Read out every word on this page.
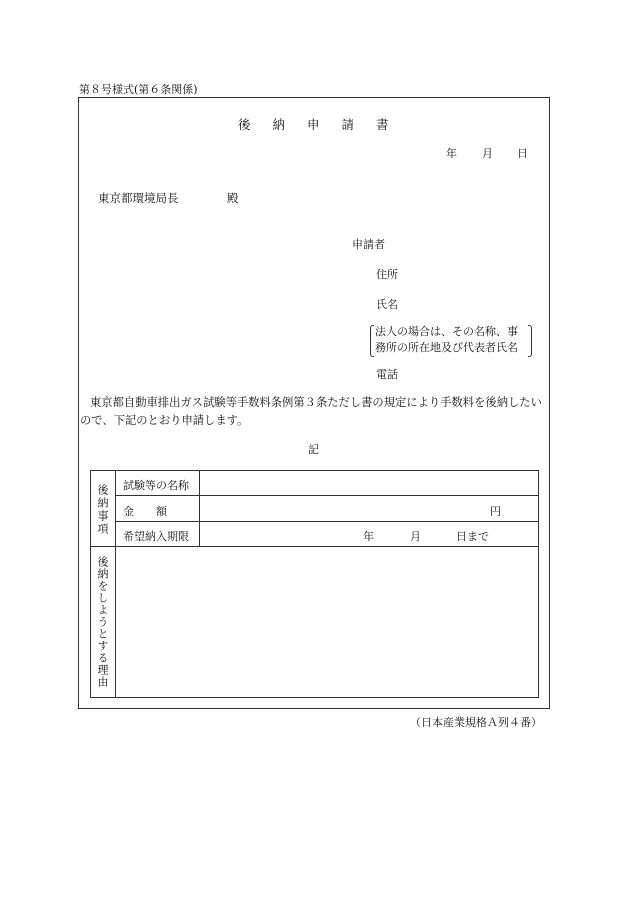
第８号様式(第６条関係)
後納申請書
年 月 日
東京都環境局長	殿
申請者
住所
氏名
法人の場合は、その名称、事
務所の所在地及び代表者氏名
電話
東京都自動車排出ガス試験等手数料条例第３条ただし書の規定により手数料を後納したいので、下記のとおり申請します。
記
後納事項 試験等の名称
金　　額	円
希望納入期限	年	月	日まで
後納をしようとする理由
（日本産業規格Ａ列４番）
